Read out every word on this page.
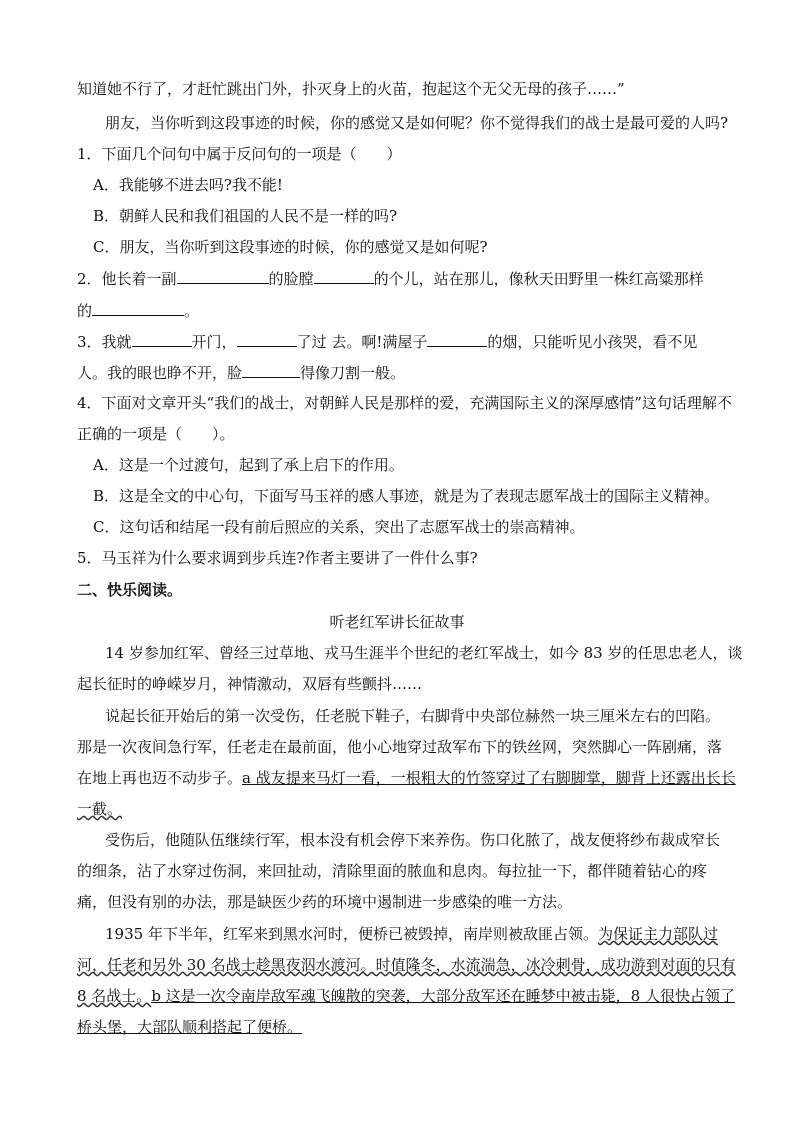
知道她不行了，才赶忙跳出门外，扑灭身上的火苗，抱起这个无父无母的孩子……”
朋友，当你听到这段事迹的时候，你的感觉又是如何呢？你不觉得我们的战士是最可爱的人吗?
1．下面几个问句中属于反问句的一项是（　　）
A．我能够不进去吗?我不能!
B．朝鲜人民和我们祖国的人民不是一样的吗?
C．朋友，当你听到这段事迹的时候，你的感觉又是如何呢?
2．他长着一副	的脸膛	的个儿，站在那儿，像秋天田野里一株红高粱那样
的	。
3．我就	开门，	了过 去。啊!满屋子	的烟，只能听见小孩哭，看不见
人。我的眼也睁不开，脸	得像刀割一般。
4．下面对文章开头“我们的战士，对朝鲜人民是那样的爱，充满国际主义的深厚感情”这句话理解不
正确的一项是（　　）。
A．这是一个过渡句，起到了承上启下的作用。
B．这是全文的中心句，下面写马玉祥的感人事迹，就是为了表现志愿军战士的国际主义精神。
C．这句话和结尾一段有前后照应的关系，突出了志愿军战士的崇高精神。
5．马玉祥为什么要求调到步兵连?作者主要讲了一件什么事?
二、快乐阅读。
听老红军讲长征故事
14 岁参加红军、曾经三过草地、戎马生涯半个世纪的老红军战士，如今 83 岁的任思忠老人，谈
起长征时的峥嵘岁月，神情激动，双唇有些颤抖……
说起长征开始后的第一次受伤，任老脱下鞋子，右脚背中央部位赫然一块三厘米左右的凹陷。
那是一次夜间急行军，任老走在最前面，他小心地穿过敌军布下的铁丝网，突然脚心一阵剧痛，落
在地上再也迈不动步子。a 战友提来马灯一看，一根粗大的竹签穿过了右脚脚掌，脚背上还露出长长
一截。
受伤后，他随队伍继续行军，根本没有机会停下来养伤。伤口化脓了，战友便将纱布裁成窄长
的细条，沾了水穿过伤洞，来回扯动，清除里面的脓血和息肉。每拉扯一下，都伴随着钻心的疼
痛，但没有别的办法，那是缺医少药的环境中遏制进一步感染的唯一方法。
1935 年下半年，红军来到黑水河时，便桥已被毁掉，南岸则被敌匪占领。为保证主力部队过
河，任老和另外 30 名战士趁黑夜泅水渡河。时值隆冬，水流湍急，冰冷刺骨，成功游到对面的只有
8 名战士。b 这是一次令南岸敌军魂飞魄散的突袭，大部分敌军还在睡梦中被击毙，8 人很快占领了
桥头堡，大部队顺利搭起了便桥。
